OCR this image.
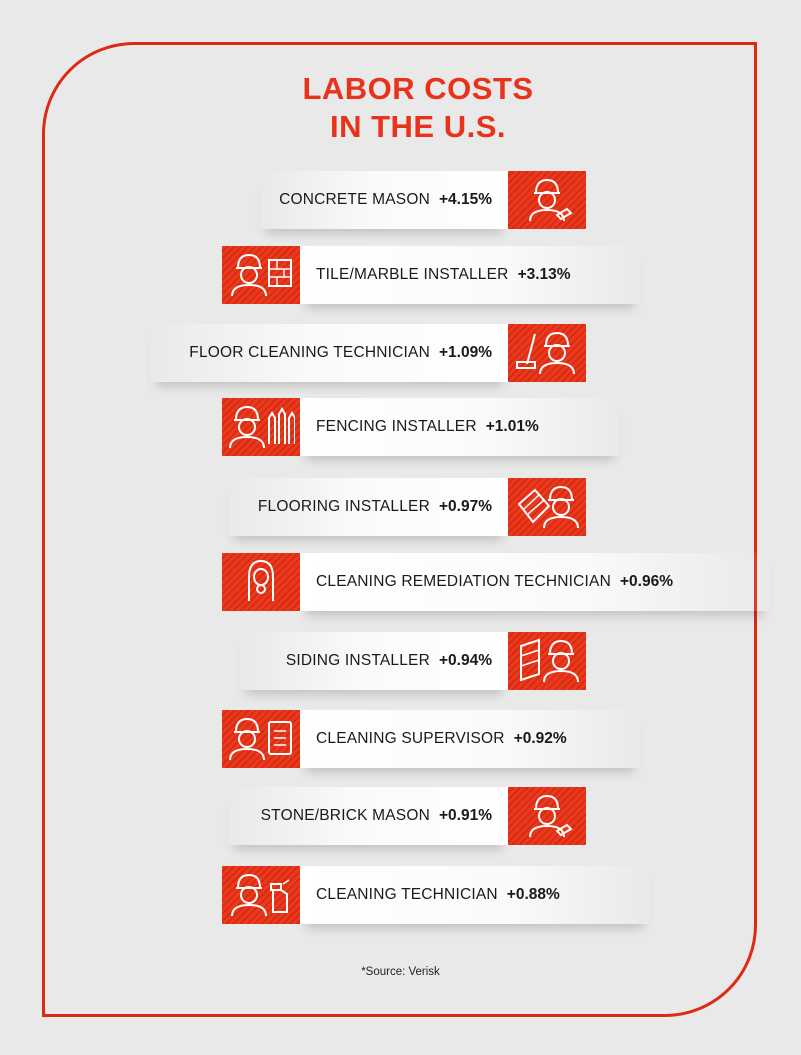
LABOR COSTS
IN THE U.S.
CONCRETE MASON +4.15%
TILE/MARBLE INSTALLER +3.13%
FLOOR CLEANING TECHNICIAN +1.09%
FENCING INSTALLER +1.01%
FLOORING INSTALLER +0.97%
CLEANING REMEDIATION TECHNICIAN +0.96%
SIDING INSTALLER +0.94%
CLEANING SUPERVISOR +0.92%
STONE/BRICK MASON +0.91%
CLEANING TECHNICIAN +0.88%
*Source: Verisk
